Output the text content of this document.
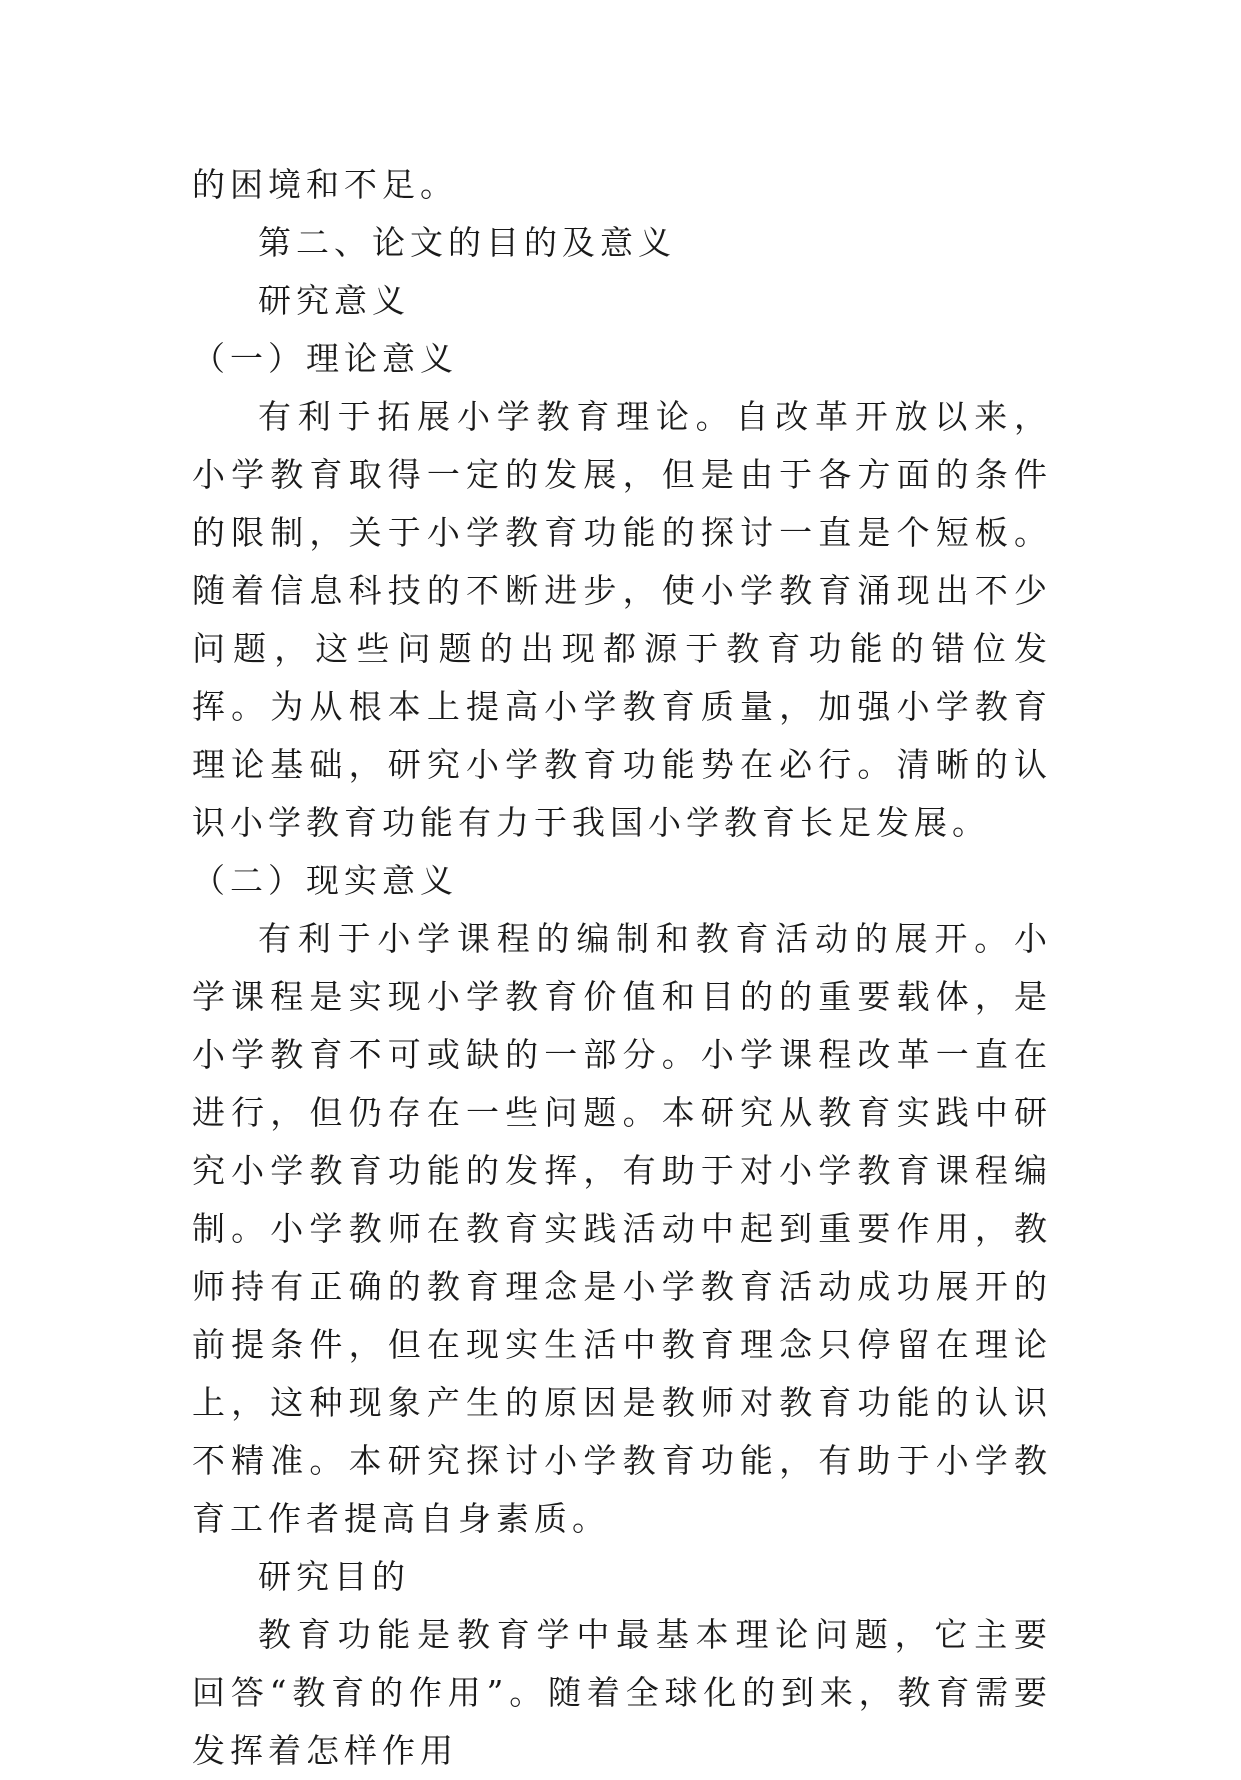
的困境和不足。

第二、论文的目的及意义

研究意义

（一）理论意义

有利于拓展小学教育理论。自改革开放以来，小学教育取得一定的发展，但是由于各方面的条件的限制，关于小学教育功能的探讨一直是个短板。随着信息科技的不断进步，使小学教育涌现出不少问题，这些问题的出现都源于教育功能的错位发挥。为从根本上提高小学教育质量，加强小学教育理论基础，研究小学教育功能势在必行。清晰的认识小学教育功能有力于我国小学教育长足发展。

（二）现实意义

有利于小学课程的编制和教育活动的展开。小学课程是实现小学教育价值和目的的重要载体，是小学教育不可或缺的一部分。小学课程改革一直在进行，但仍存在一些问题。本研究从教育实践中研究小学教育功能的发挥，有助于对小学教育课程编制。小学教师在教育实践活动中起到重要作用，教师持有正确的教育理念是小学教育活动成功展开的前提条件，但在现实生活中教育理念只停留在理论上，这种现象产生的原因是教师对教育功能的认识不精准。本研究探讨小学教育功能，有助于小学教育工作者提高自身素质。

研究目的

教育功能是教育学中最基本理论问题，它主要回答“教育的作用”。随着全球化的到来，教育需要发挥着怎样作用
